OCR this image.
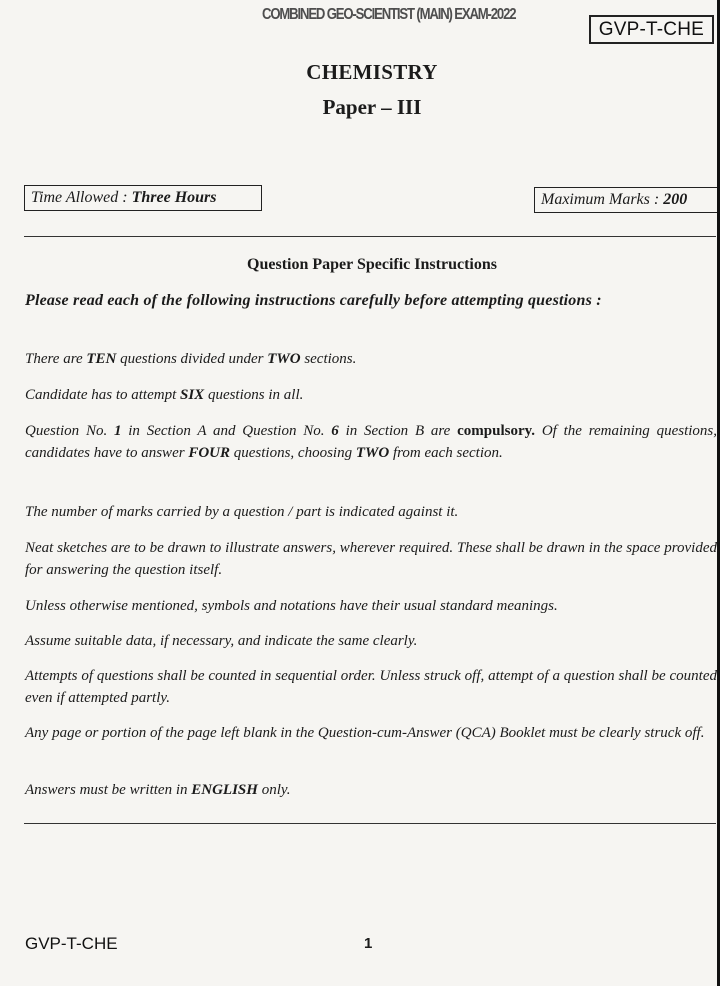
COMBINED GEO-SCIENTIST (MAIN) EXAM-2022
GVP-T-CHE
CHEMISTRY
Paper – III
Time Allowed : Three Hours	Maximum Marks : 200
Question Paper Specific Instructions
Please read each of the following instructions carefully before attempting questions :
There are TEN questions divided under TWO sections.
Candidate has to attempt SIX questions in all.
Question No. 1 in Section A and Question No. 6 in Section B are compulsory. Of the remaining questions, candidates have to answer FOUR questions, choosing TWO from each section.
The number of marks carried by a question / part is indicated against it.
Neat sketches are to be drawn to illustrate answers, wherever required. These shall be drawn in the space provided for answering the question itself.
Unless otherwise mentioned, symbols and notations have their usual standard meanings.
Assume suitable data, if necessary, and indicate the same clearly.
Attempts of questions shall be counted in sequential order. Unless struck off, attempt of a question shall be counted even if attempted partly.
Any page or portion of the page left blank in the Question-cum-Answer (QCA) Booklet must be clearly struck off.
Answers must be written in ENGLISH only.
GVP-T-CHE	1
